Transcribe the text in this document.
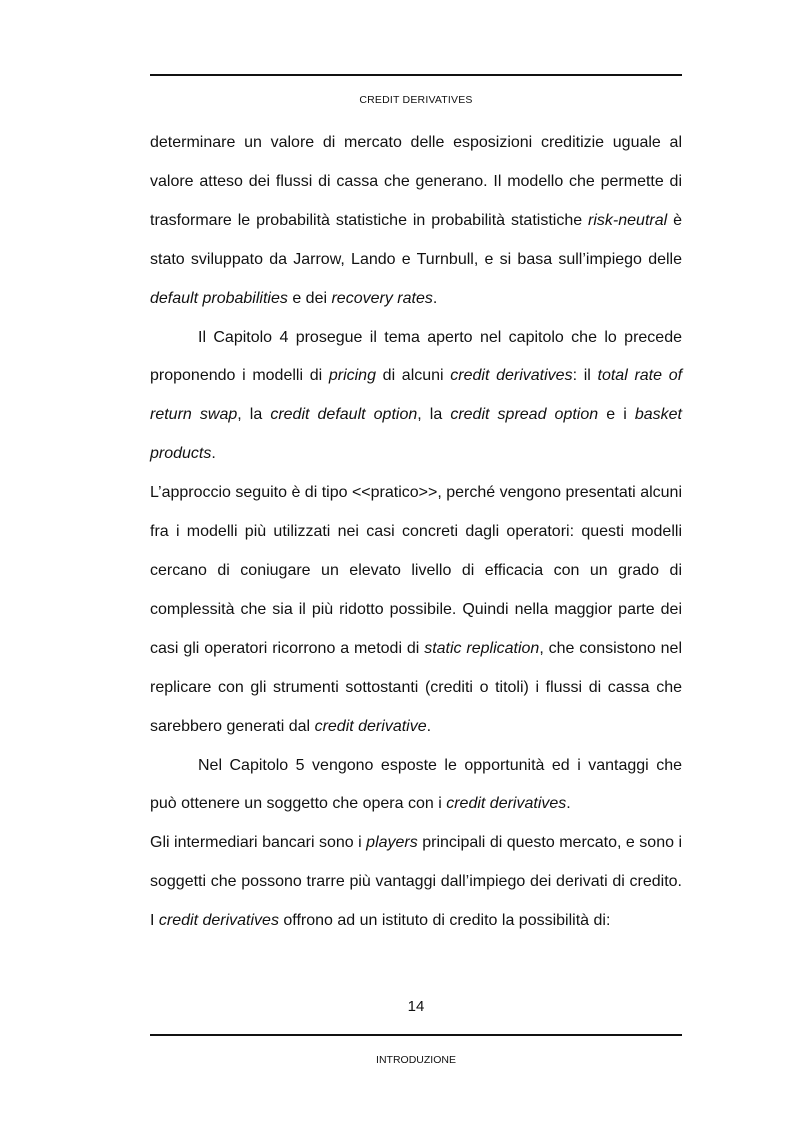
CREDIT DERIVATIVES

determinare un valore di mercato delle esposizioni creditizie uguale al valore atteso dei flussi di cassa che generano. Il modello che permette di trasformare le probabilità statistiche in probabilità statistiche risk-neutral è stato sviluppato da Jarrow, Lando e Turnbull, e si basa sull’impiego delle default probabilities e dei recovery rates.

Il Capitolo 4 prosegue il tema aperto nel capitolo che lo precede proponendo i modelli di pricing di alcuni credit derivatives: il total rate of return swap, la credit default option, la credit spread option e i basket products.

L’approccio seguito è di tipo <<pratico>>, perché vengono presentati alcuni fra i modelli più utilizzati nei casi concreti dagli operatori: questi modelli cercano di coniugare un elevato livello di efficacia con un grado di complessità che sia il più ridotto possibile. Quindi nella maggior parte dei casi gli operatori ricorrono a metodi di static replication, che consistono nel replicare con gli strumenti sottostanti (crediti o titoli) i flussi di cassa che sarebbero generati dal credit derivative.

Nel Capitolo 5 vengono esposte le opportunità ed i vantaggi che può ottenere un soggetto che opera con i credit derivatives.

Gli intermediari bancari sono i players principali di questo mercato, e sono i soggetti che possono trarre più vantaggi dall’impiego dei derivati di credito. I credit derivatives offrono ad un istituto di credito la possibilità di:

14
INTRODUZIONE
